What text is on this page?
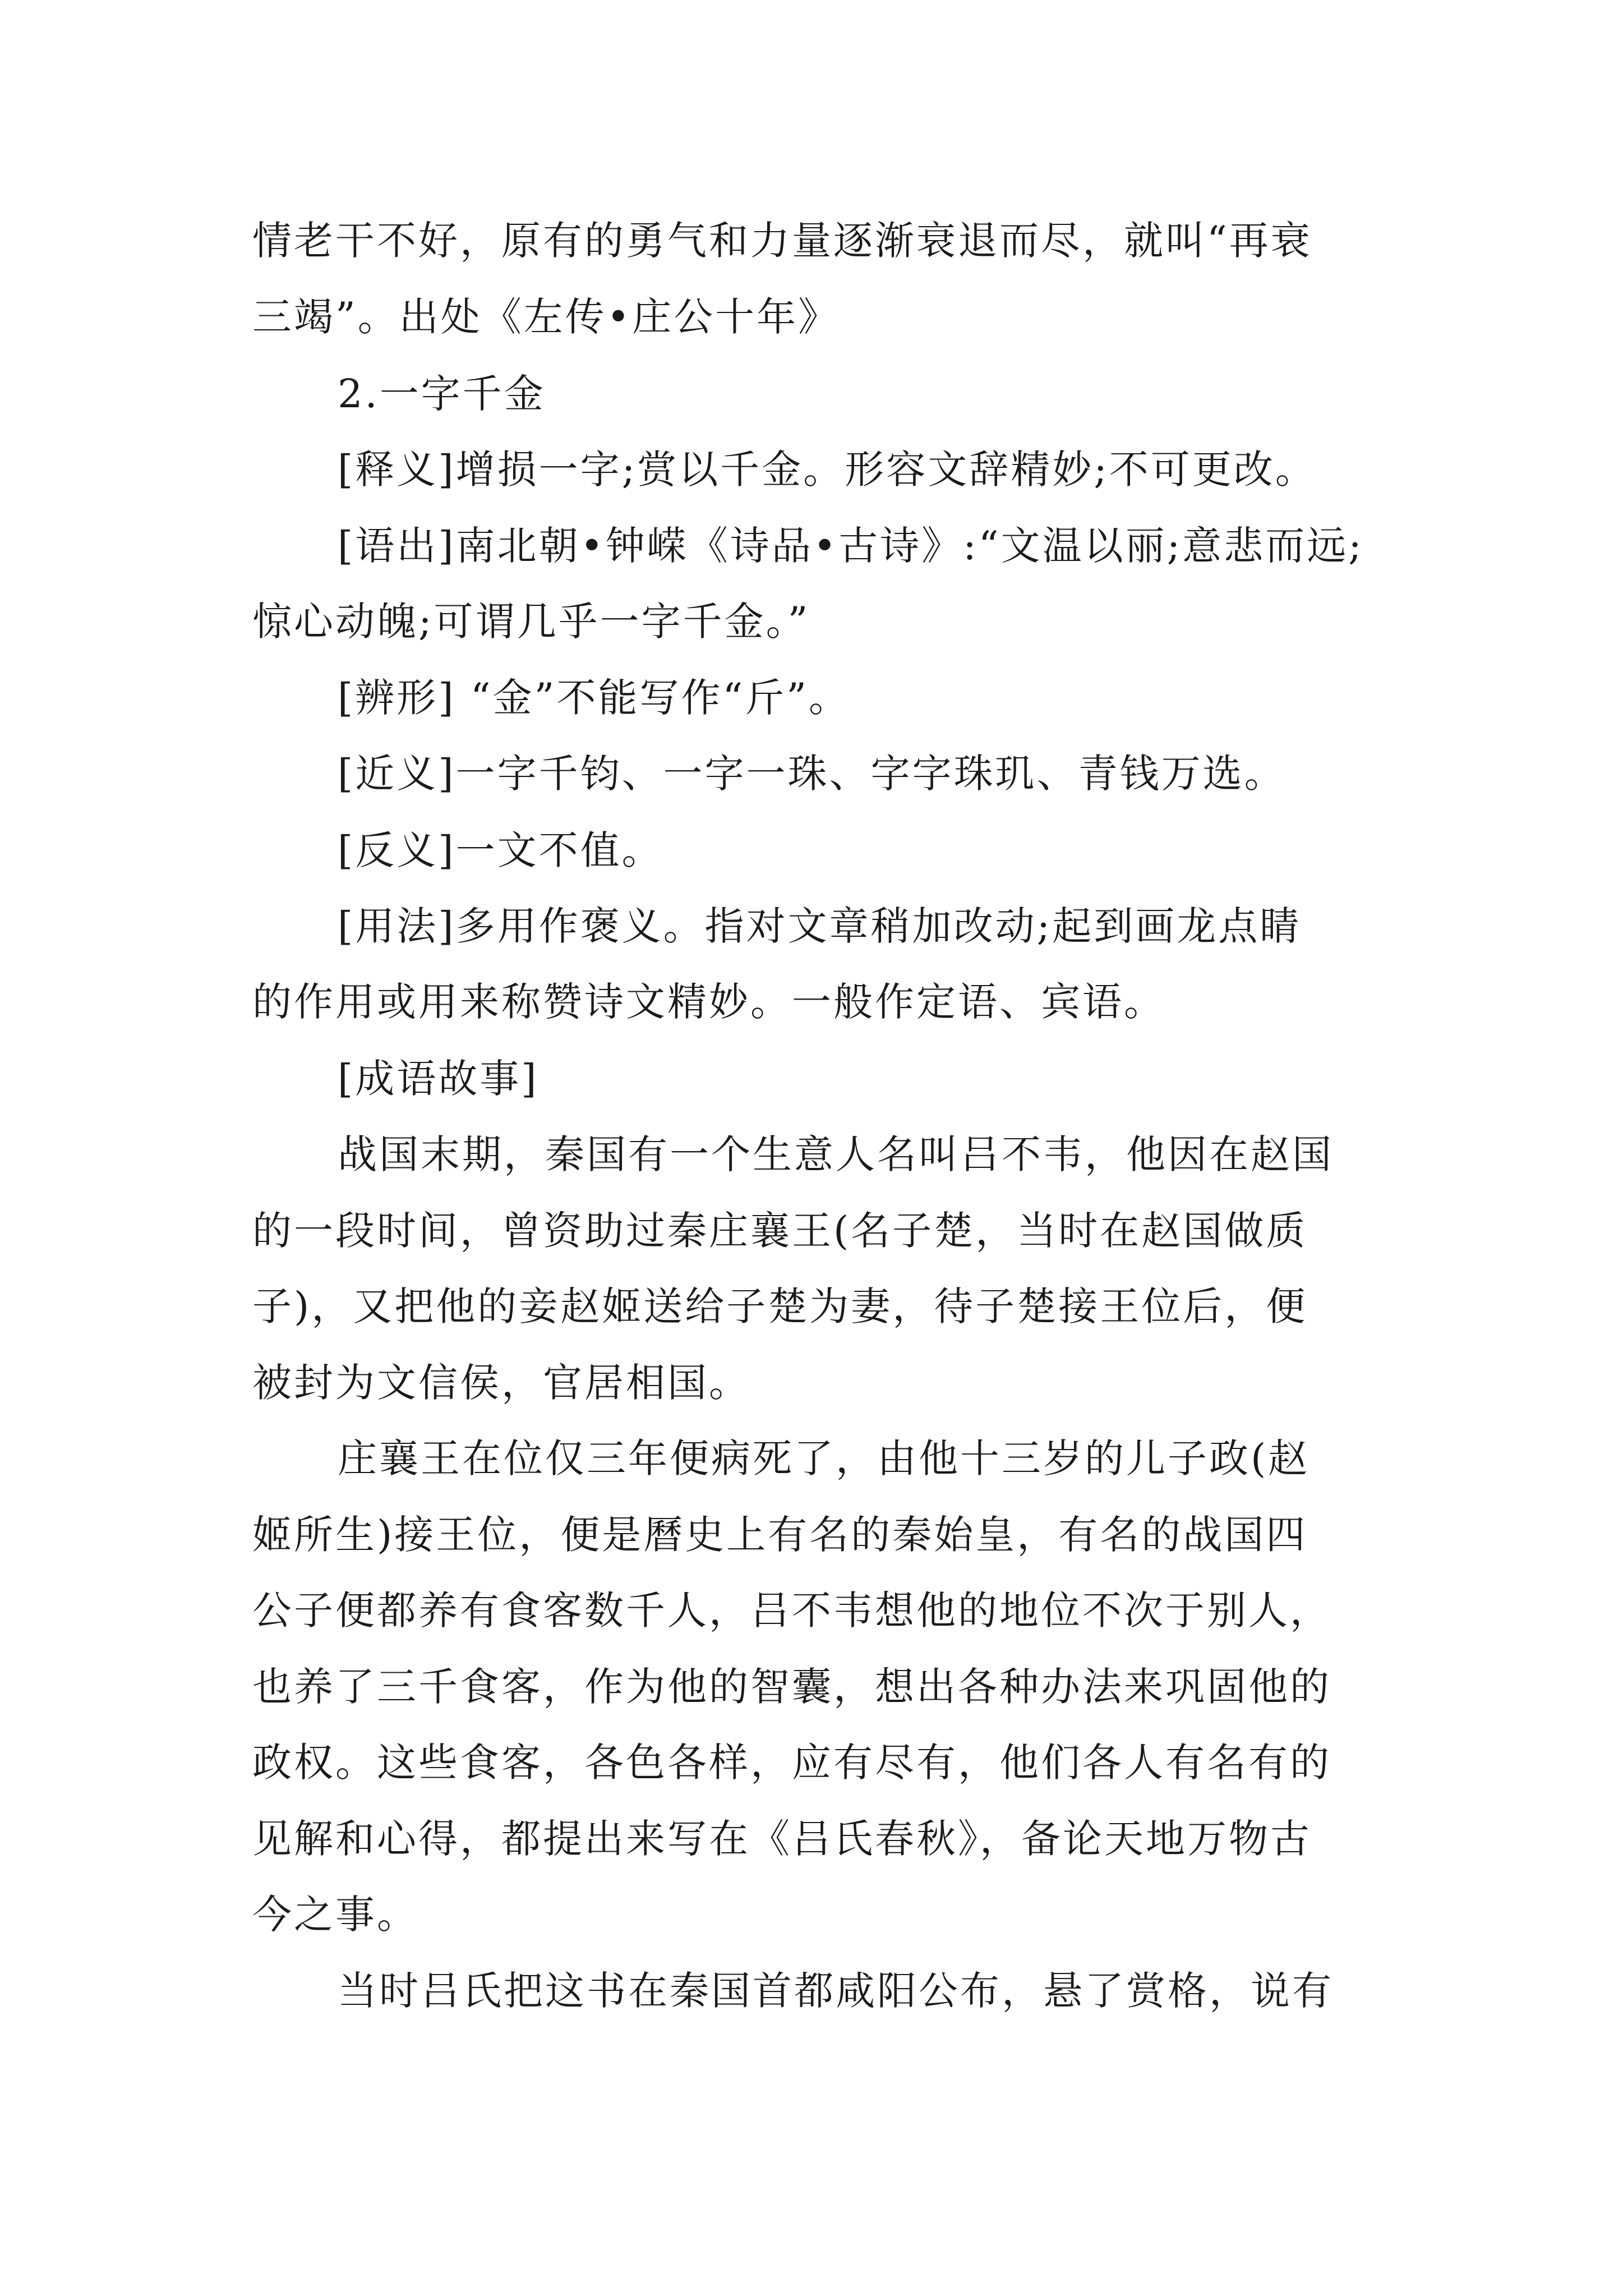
情老干不好，原有的勇气和力量逐渐衰退而尽，就叫“再衰
三竭”。出处《左传•庄公十年》
2.一字千金
[释义]增损一字;赏以千金。形容文辞精妙;不可更改。
[语出]南北朝•钟嵘《诗品•古诗》:“文温以丽;意悲而远;
惊心动魄;可谓几乎一字千金。”
[辨形] “金”不能写作“斤”。
[近义]一字千钧、一字一珠、字字珠玑、青钱万选。
[反义]一文不值。
[用法]多用作褒义。指对文章稍加改动;起到画龙点睛
的作用或用来称赞诗文精妙。一般作定语、宾语。
[成语故事]
战国末期，秦国有一个生意人名叫吕不韦，他因在赵国
的一段时间，曾资助过秦庄襄王(名子楚，当时在赵国做质
子)，又把他的妾赵姬送给子楚为妻，待子楚接王位后，便
被封为文信侯，官居相国。
庄襄王在位仅三年便病死了，由他十三岁的儿子政(赵
姬所生)接王位，便是曆史上有名的秦始皇，有名的战国四
公子便都养有食客数千人，吕不韦想他的地位不次于别人，
也养了三千食客，作为他的智囊，想出各种办法来巩固他的
政权。这些食客，各色各样，应有尽有，他们各人有名有的
见解和心得，都提出来写在《吕氏春秋》，备论天地万物古
今之事。
当时吕氏把这书在秦国首都咸阳公布，悬了赏格，说有
